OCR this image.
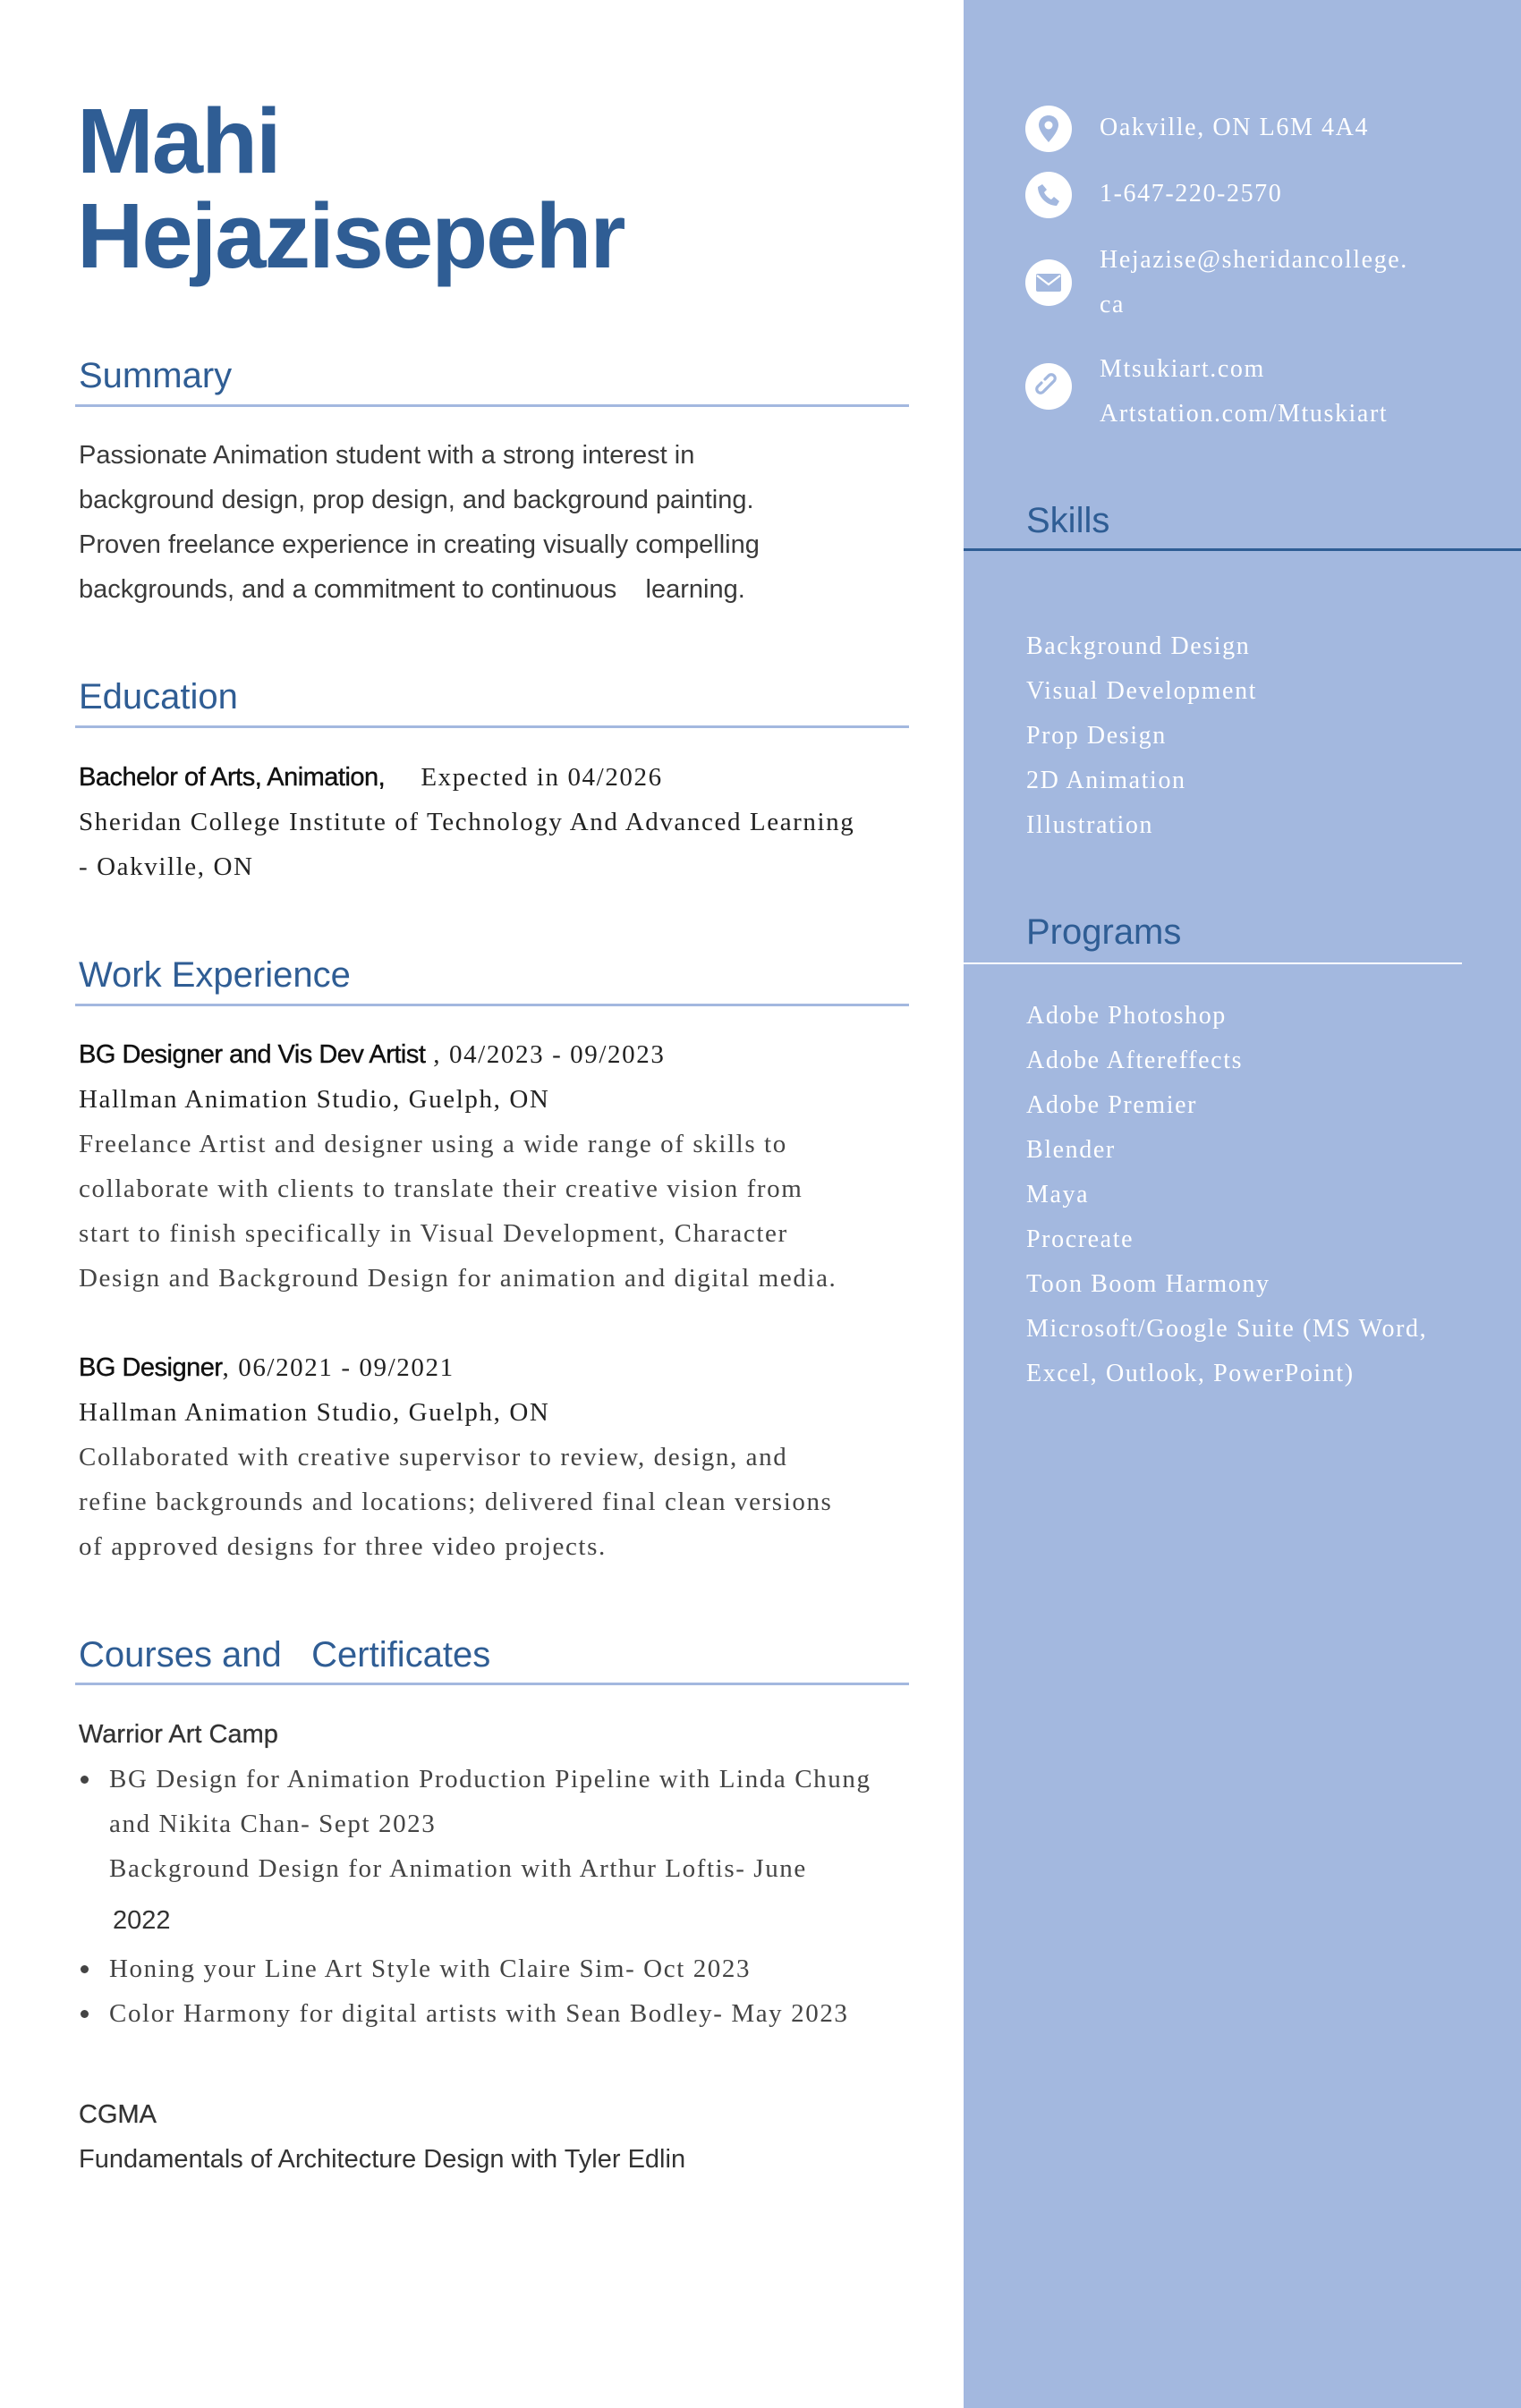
Mahi
Hejazisepehr
Summary
Passionate Animation student with a strong interest in
background design, prop design, and background painting.
Proven freelance experience in creating visually compelling
backgrounds, and a commitment to continuous    learning.
Education
Bachelor of Arts, Animation, Expected in 04/2026
Sheridan College Institute of Technology And Advanced Learning
- Oakville, ON
Work Experience
BG Designer and Vis Dev Artist , 04/2023 - 09/2023
Hallman Animation Studio, Guelph, ON
Freelance Artist and designer using a wide range of skills to
collaborate with clients to translate their creative vision from
start to finish specifically in Visual Development, Character
Design and Background Design for animation and digital media.
BG Designer, 06/2021 - 09/2021
Hallman Animation Studio, Guelph, ON
Collaborated with creative supervisor to review, design, and
refine backgrounds and locations; delivered final clean versions
of approved designs for three video projects.
Courses and   Certificates
Warrior Art Camp
BG Design for Animation Production Pipeline with Linda Chung
and Nikita Chan- Sept 2023
Background Design for Animation with Arthur Loftis- June
2022
Honing your Line Art Style with Claire Sim- Oct 2023
Color Harmony for digital artists with Sean Bodley- May 2023
CGMA
Fundamentals of Architecture Design with Tyler Edlin
Oakville, ON L6M 4A4
1-647-220-2570
Hejazise@sheridancollege.
ca
Mtsukiart.com
Artstation.com/Mtuskiart
Skills
Background Design
Visual Development
Prop Design
2D Animation
Illustration
Programs
Adobe Photoshop
Adobe Aftereffects
Adobe Premier
Blender
Maya
Procreate
Toon Boom Harmony
Microsoft/Google Suite (MS Word,
Excel, Outlook, PowerPoint)
